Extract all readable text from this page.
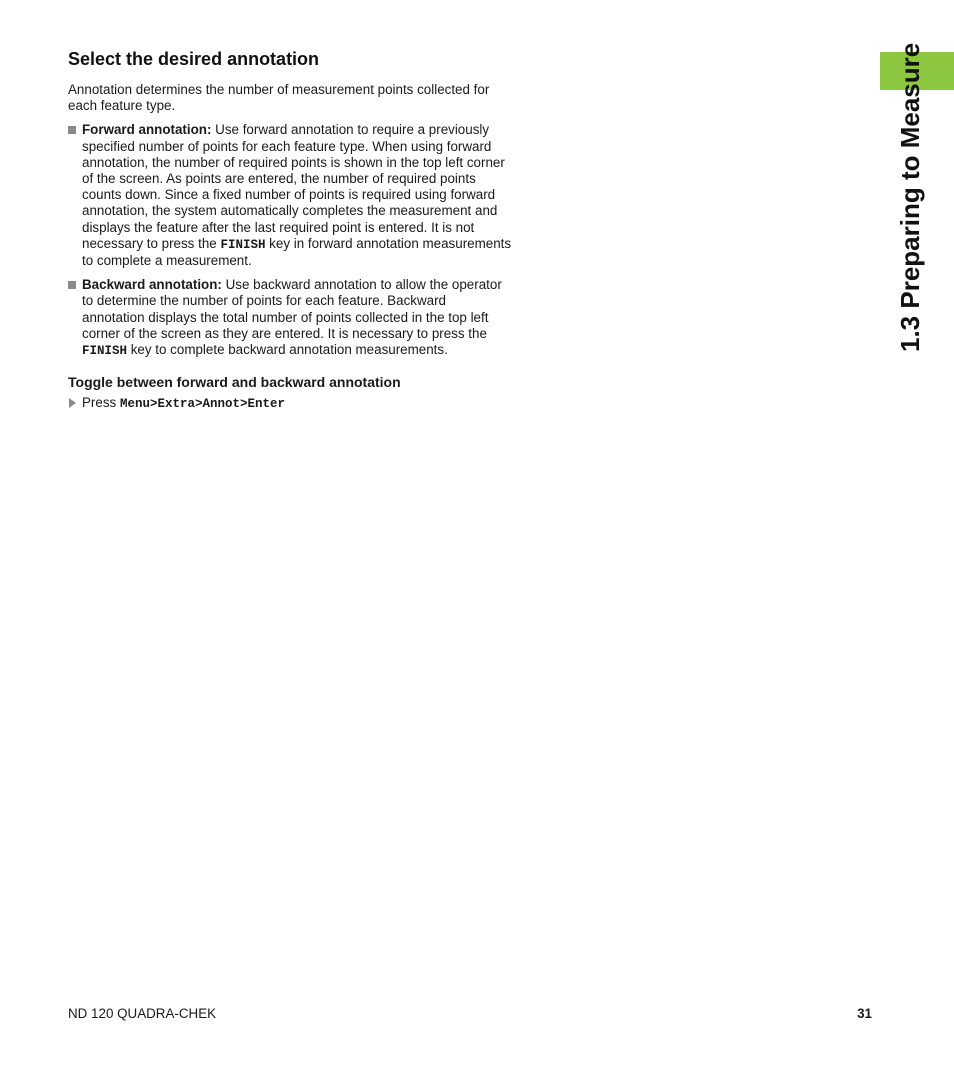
Select the desired annotation

Annotation determines the number of measurement points collected for each feature type.

Forward annotation: Use forward annotation to require a previously specified number of points for each feature type. When using forward annotation, the number of required points is shown in the top left corner of the screen. As points are entered, the number of required points counts down. Since a fixed number of points is required using forward annotation, the system automatically completes the measurement and displays the feature after the last required point is entered. It is not necessary to press the FINISH key in forward annotation measurements to complete a measurement.
Backward annotation: Use backward annotation to allow the operator to determine the number of points for each feature. Backward annotation displays the total number of points collected in the top left corner of the screen as they are entered. It is necessary to press the FINISH key to complete backward annotation measurements.
Toggle between forward and backward annotation
Press Menu>Extra>Annot>Enter
1.3 Preparing to Measure
ND 120 QUADRA-CHEK	31
